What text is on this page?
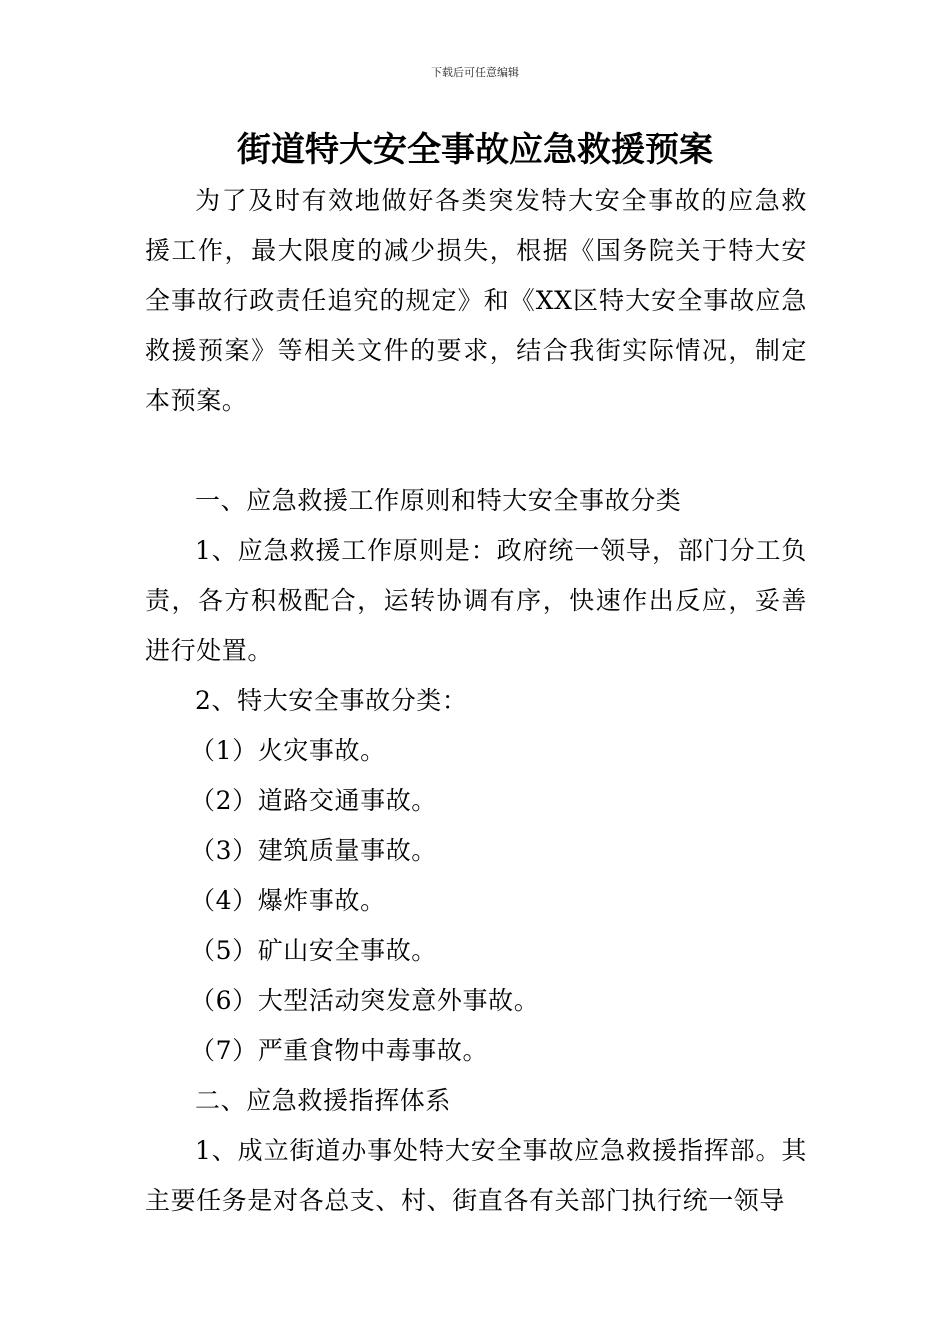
下载后可任意编辑
街道特大安全事故应急救援预案

为了及时有效地做好各类突发特大安全事故的应急救援工作，最大限度的减少损失，根据《国务院关于特大安全事故行政责任追究的规定》和《XX区特大安全事故应急救援预案》等相关文件的要求，结合我街实际情况，制定本预案。

一、应急救援工作原则和特大安全事故分类

1、应急救援工作原则是：政府统一领导，部门分工负责，各方积极配合，运转协调有序，快速作出反应，妥善进行处置。

2、特大安全事故分类：

（1）火灾事故。

（2）道路交通事故。

（3）建筑质量事故。

（4）爆炸事故。

（5）矿山安全事故。

（6）大型活动突发意外事故。

（7）严重食物中毒事故。

二、应急救援指挥体系

1、成立街道办事处特大安全事故应急救援指挥部。其主要任务是对各总支、村、街直各有关部门执行统一领导
